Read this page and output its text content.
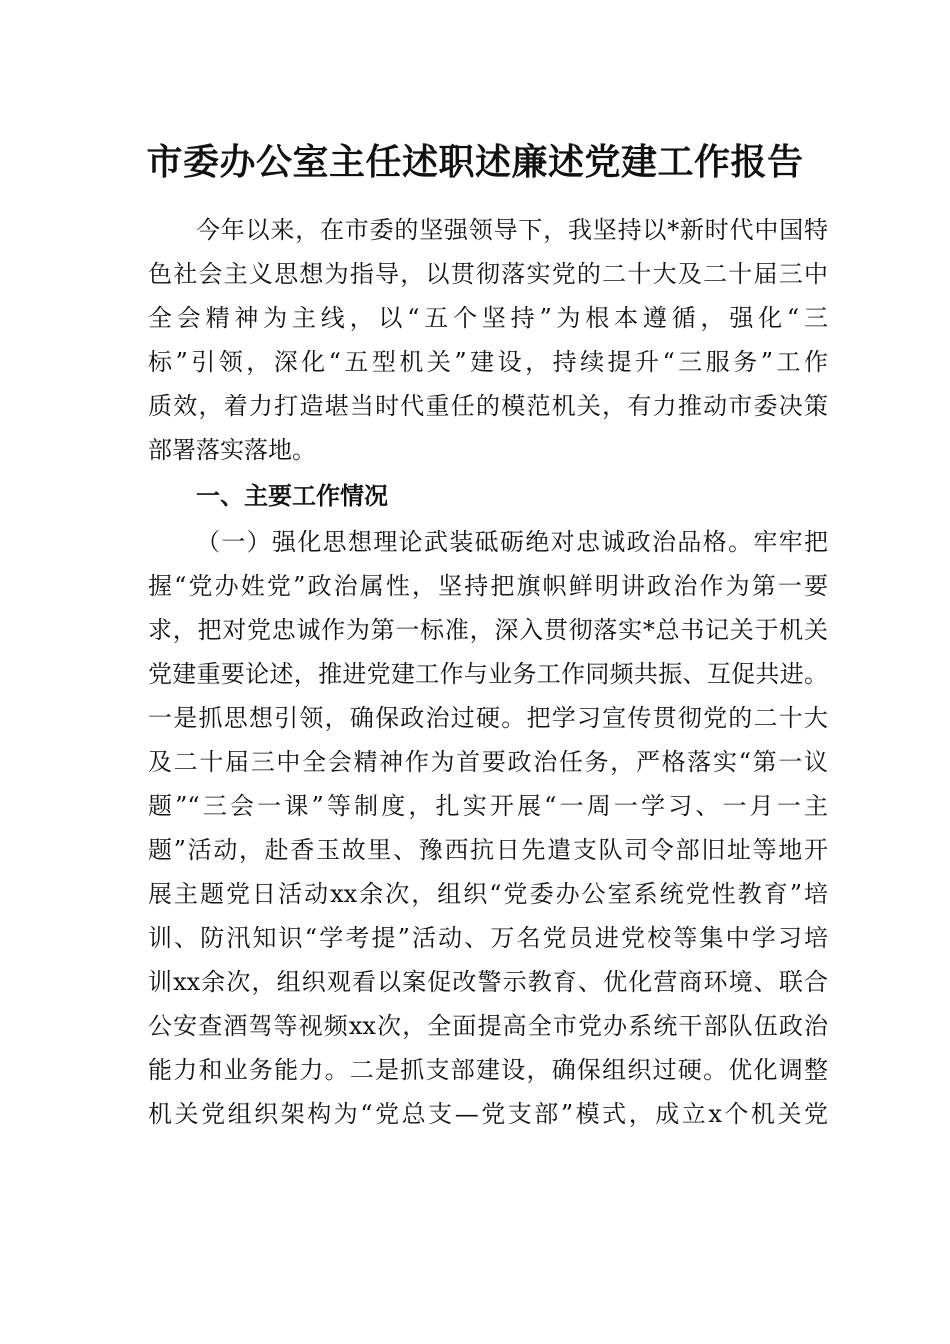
市委办公室主任述职述廉述党建工作报告
今年以来，在市委的坚强领导下，我坚持以*新时代中国特
色社会主义思想为指导，以贯彻落实党的二十大及二十届三中
全会精神为主线，以“五个坚持”为根本遵循，强化“三
标”引领，深化“五型机关”建设，持续提升“三服务”工作
质效，着力打造堪当时代重任的模范机关，有力推动市委决策
部署落实落地。
一、主要工作情况
（一）强化思想理论武装砥砺绝对忠诚政治品格。牢牢把
握“党办姓党”政治属性，坚持把旗帜鲜明讲政治作为第一要
求，把对党忠诚作为第一标准，深入贯彻落实*总书记关于机关
党建重要论述，推进党建工作与业务工作同频共振、互促共进。
一是抓思想引领，确保政治过硬。把学习宣传贯彻党的二十大
及二十届三中全会精神作为首要政治任务，严格落实“第一议
题”“三会一课”等制度，扎实开展“一周一学习、一月一主
题”活动，赴香玉故里、豫西抗日先遣支队司令部旧址等地开
展主题党日活动xx余次，组织“党委办公室系统党性教育”培
训、防汛知识“学考提”活动、万名党员进党校等集中学习培
训xx余次，组织观看以案促改警示教育、优化营商环境、联合
公安查酒驾等视频xx次，全面提高全市党办系统干部队伍政治
能力和业务能力。二是抓支部建设，确保组织过硬。优化调整
机关党组织架构为“党总支—党支部”模式，成立x个机关党
